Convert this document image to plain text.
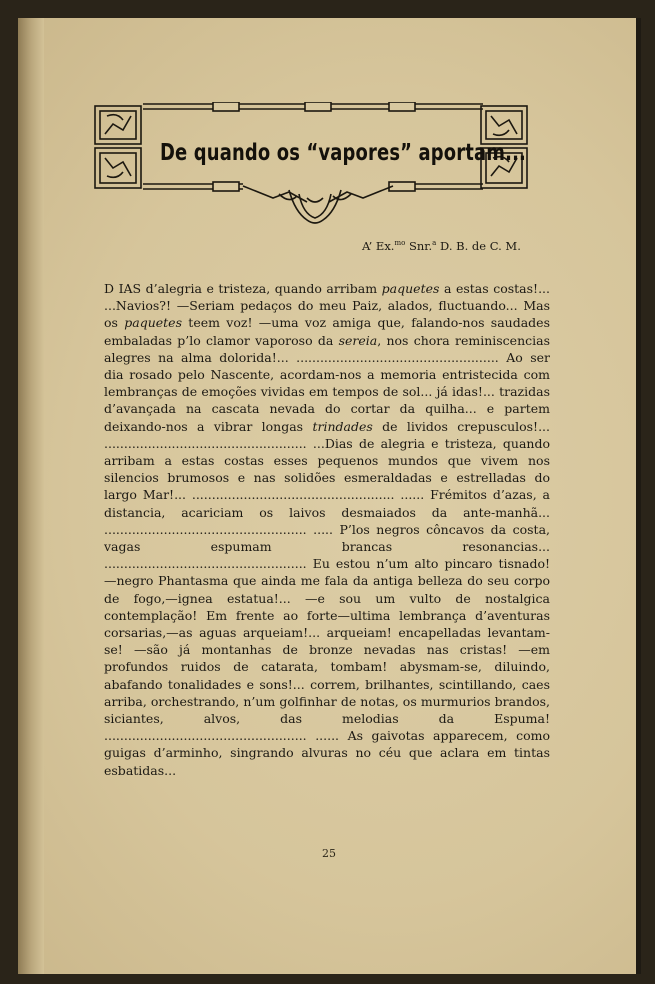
De quando os “vapores” aportam...
A’ Ex.$^{mo}$ Snr.$^a$ D. B. de C. M.
D IAS d’alegria e tristeza, quando arribam paquetes a estas costas!... ...Navios?! —Seriam pedaços do meu Paiz, alados, fluctuando... Mas os paquetes teem voz! —uma voz amiga que, falando-nos saudades embaladas p’lo clamor vaporoso da sereia, nos chora reminiscencias alegres na alma dolorida!... ................................................... Ao ser dia rosado pelo Nascente, acordam-nos a memoria entristecida com lembranças de emoções vividas em tempos de sol... já idas!... trazidas d’avançada na cascata nevada do cortar da quilha... e partem deixando-nos a vibrar longas trindades de lividos crepusculos!... ................................................... ...Dias de alegria e tristeza, quando arribam a estas costas esses pequenos mundos que vivem nos silencios brumosos e nas solidões esmeraldadas e estrelladas do largo Mar!... ................................................... ...... Frémitos d’azas, a distancia, acariciam os laivos desmaiados da ante-manhã... ................................................... ..... P’los negros côncavos da costa, vagas espumam brancas resonancias... ................................................... Eu estou n’um alto pincaro tisnado! —negro Phantasma que ainda me fala da antiga belleza do seu corpo de fogo,—ignea estatua!... —e sou um vulto de nostalgica contemplação! Em frente ao forte—ultima lembrança d’aventuras corsarias,—as aguas arqueiam!... arqueiam! encapelladas levantam-se! —são já montanhas de bronze nevadas nas cristas! —em profundos ruidos de catarata, tombam! abysmam-se, diluindo, abafando tonalidades e sons!... correm, brilhantes, scintillando, caes arriba, orchestrando, n’um golfinhar de notas, os murmurios brandos, siciantes, alvos, das melodias da Espuma! ................................................... ...... As gaivotas apparecem, como guigas d’arminho, singrando alvuras no céu que aclara em tintas esbatidas...
25
